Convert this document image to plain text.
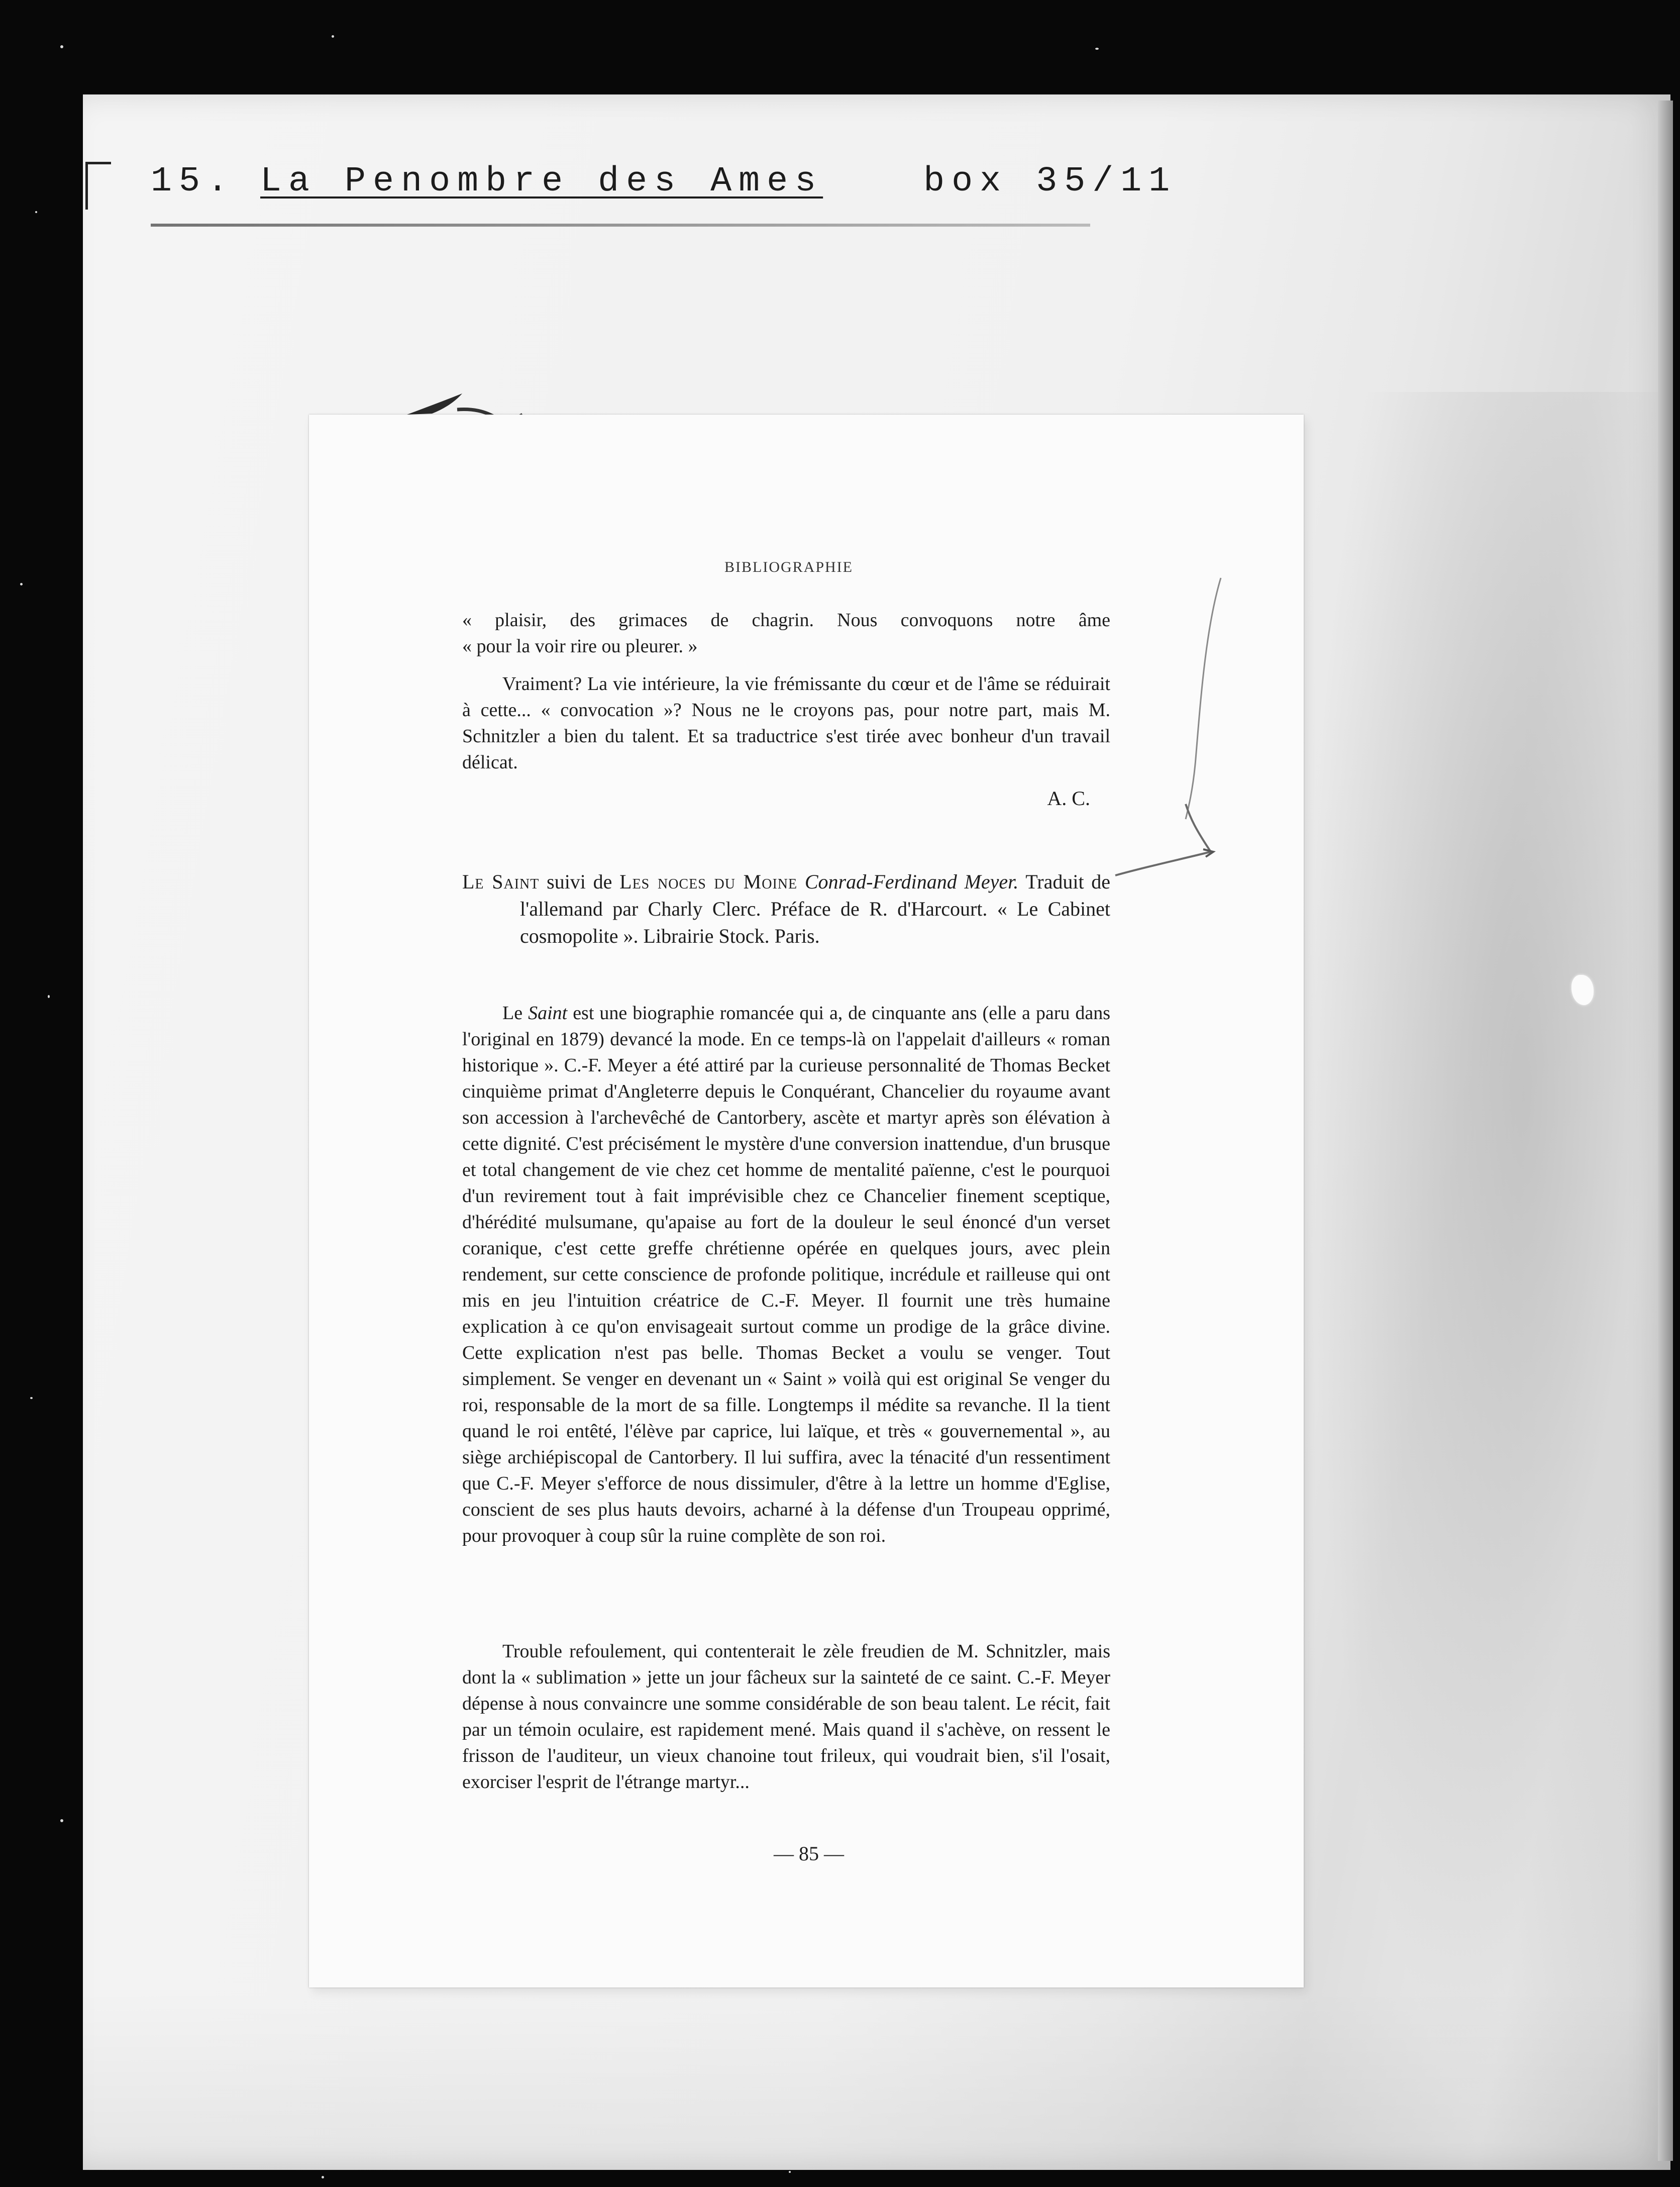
15. La Penombre des Ames	box 35/11
BIBLIOGRAPHIE

« plaisir, des grimaces de chagrin. Nous convoquons notre âme

« pour la voir rire ou pleurer. »

Vraiment? La vie intérieure, la vie frémissante du cœur et de l'âme se réduirait à cette... « convocation »? Nous ne le croyons pas, pour notre part, mais M. Schnitzler a bien du talent. Et sa traductrice s'est tirée avec bonheur d'un travail délicat.

A. C.

Le Saint suivi de Les noces du Moine Conrad-Ferdinand Meyer. Traduit de l'allemand par Charly Clerc. Préface de R. d'Harcourt. « Le Cabinet cosmopolite ». Librairie Stock. Paris.

Le Saint est une biographie romancée qui a, de cinquante ans (elle a paru dans l'original en 1879) devancé la mode. En ce temps-là on l'appelait d'ailleurs « roman historique ». C.-F. Meyer a été attiré par la curieuse personnalité de Thomas Becket cinquième primat d'Angleterre depuis le Conquérant, Chancelier du royaume avant son accession à l'archevêché de Cantorbery, ascète et martyr après son élévation à cette dignité. C'est précisément le mystère d'une conversion inattendue, d'un brusque et total changement de vie chez cet homme de mentalité païenne, c'est le pourquoi d'un revirement tout à fait imprévisible chez ce Chancelier finement sceptique, d'hérédité mulsumane, qu'apaise au fort de la douleur le seul énoncé d'un verset coranique, c'est cette greffe chrétienne opérée en quelques jours, avec plein rendement, sur cette conscience de profonde politique, incrédule et railleuse qui ont mis en jeu l'intuition créatrice de C.-F. Meyer. Il fournit une très humaine explication à ce qu'on envisageait surtout comme un prodige de la grâce divine. Cette explication n'est pas belle. Thomas Becket a voulu se venger. Tout simplement. Se venger en devenant un « Saint » voilà qui est original Se venger du roi, responsable de la mort de sa fille. Longtemps il médite sa revanche. Il la tient quand le roi entêté, l'élève par caprice, lui laïque, et très « gouvernemental », au siège archiépiscopal de Cantorbery. Il lui suffira, avec la ténacité d'un ressentiment que C.-F. Meyer s'efforce de nous dissimuler, d'être à la lettre un homme d'Eglise, conscient de ses plus hauts devoirs, acharné à la défense d'un Troupeau opprimé, pour provoquer à coup sûr la ruine complète de son roi.

Trouble refoulement, qui contenterait le zèle freudien de M. Schnitzler, mais dont la « sublimation » jette un jour fâcheux sur la sainteté de ce saint. C.-F. Meyer dépense à nous convaincre une somme considérable de son beau talent. Le récit, fait par un témoin oculaire, est rapidement mené. Mais quand il s'achève, on ressent le frisson de l'auditeur, un vieux chanoine tout frileux, qui voudrait bien, s'il l'osait, exorciser l'esprit de l'étrange martyr...

— 85 —
